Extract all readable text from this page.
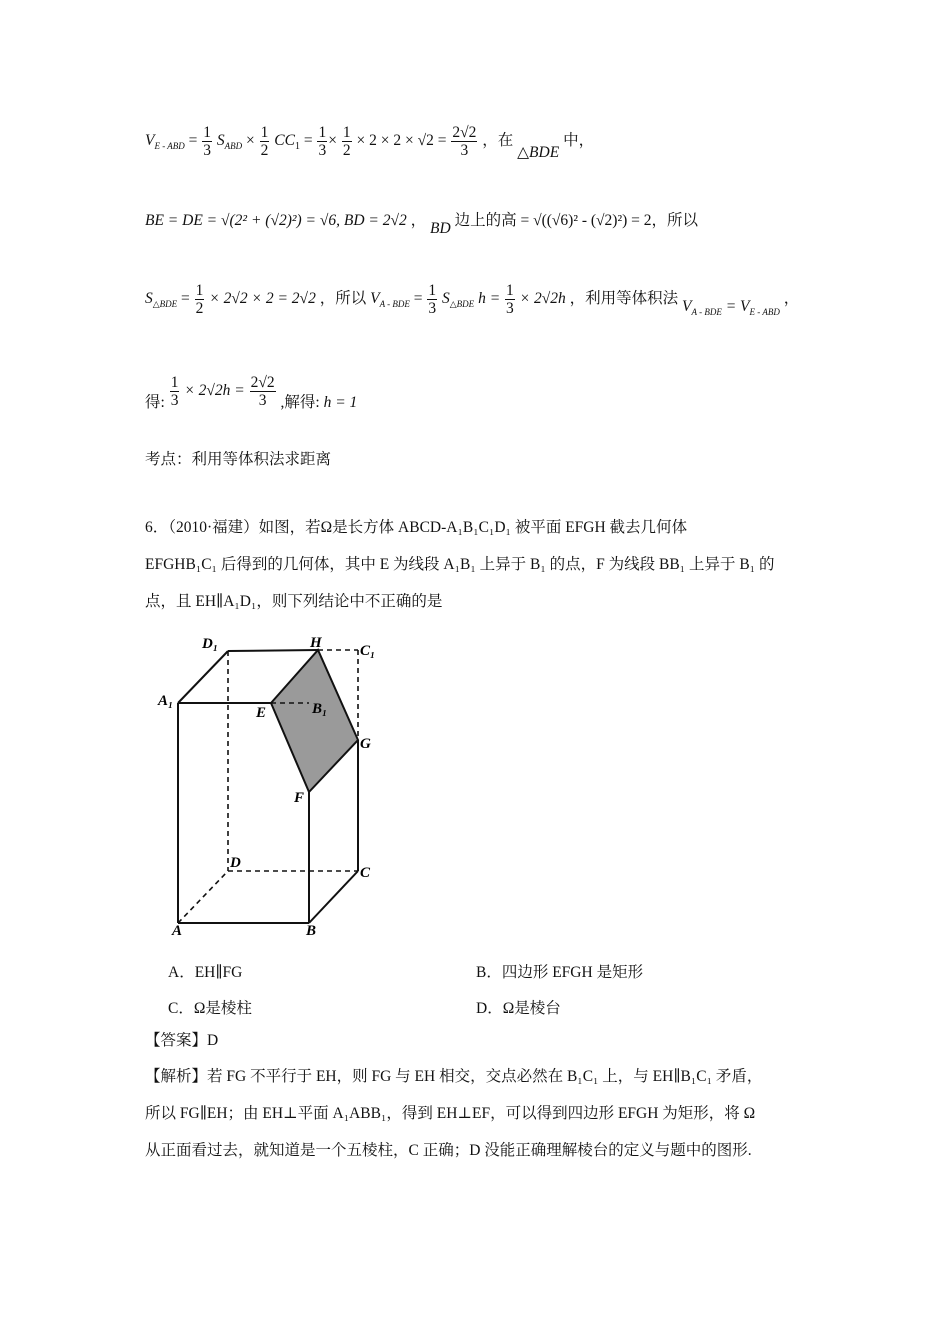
$V_{E - ABD} = \frac{1}{3} S_{ABD} \times \frac{1}{2} CC_1 = \frac{1}{3} \times \frac{1}{2} \times 2 \times 2 \times √2 = \frac{2√2}{3}$ ，在 △BDE 中，
BE = DE = √(2² + (√2)²) = √6, BD = 2√2 ， BD 边上的高 = √((√6)² - (√2)²) = 2，所以
$S_{\triangle BDE} = \frac{1}{2} \times 2√2 \times 2 = 2√2$ ，所以 $V_{A - BDE} = \frac{1}{3} S_{\triangle BDE}$ $h = \frac{1}{3} \times 2√2h$ ，利用等体积法 $V_{A - BDE} = V_{E - ABD}$ ，
得: $\frac{1}{3} \times 2√2h = \frac{2√2}{3}$ ,解得: h = 1
考点：利用等体积法求距离
6．（2010·福建）如图，若Ω是长方体 ABCD-A₁B₁C₁D₁ 被平面 EFGH 截去几何体
EFGHB₁C₁ 后得到的几何体，其中 E 为线段 A₁B₁ 上异于 B₁ 的点，F 为线段 BB₁ 上异于 B₁ 的
点，且 EH∥A₁D₁，则下列结论中不正确的是
D₁	H	C₁
A₁
E	B₁
G
F
D
C
A	B
A．EH∥FG	B．四边形 EFGH 是矩形
C．Ω是棱柱	D．Ω是棱台
【答案】D
【解析】若 FG 不平行于 EH，则 FG 与 EH 相交，交点必然在 B₁C₁ 上，与 EH∥B₁C₁ 矛盾，
所以 FG∥EH；由 EH⊥平面 A₁ABB₁，得到 EH⊥EF，可以得到四边形 EFGH 为矩形，将 Ω
从正面看过去，就知道是一个五棱柱，C 正确；D 没能正确理解棱台的定义与题中的图形.
